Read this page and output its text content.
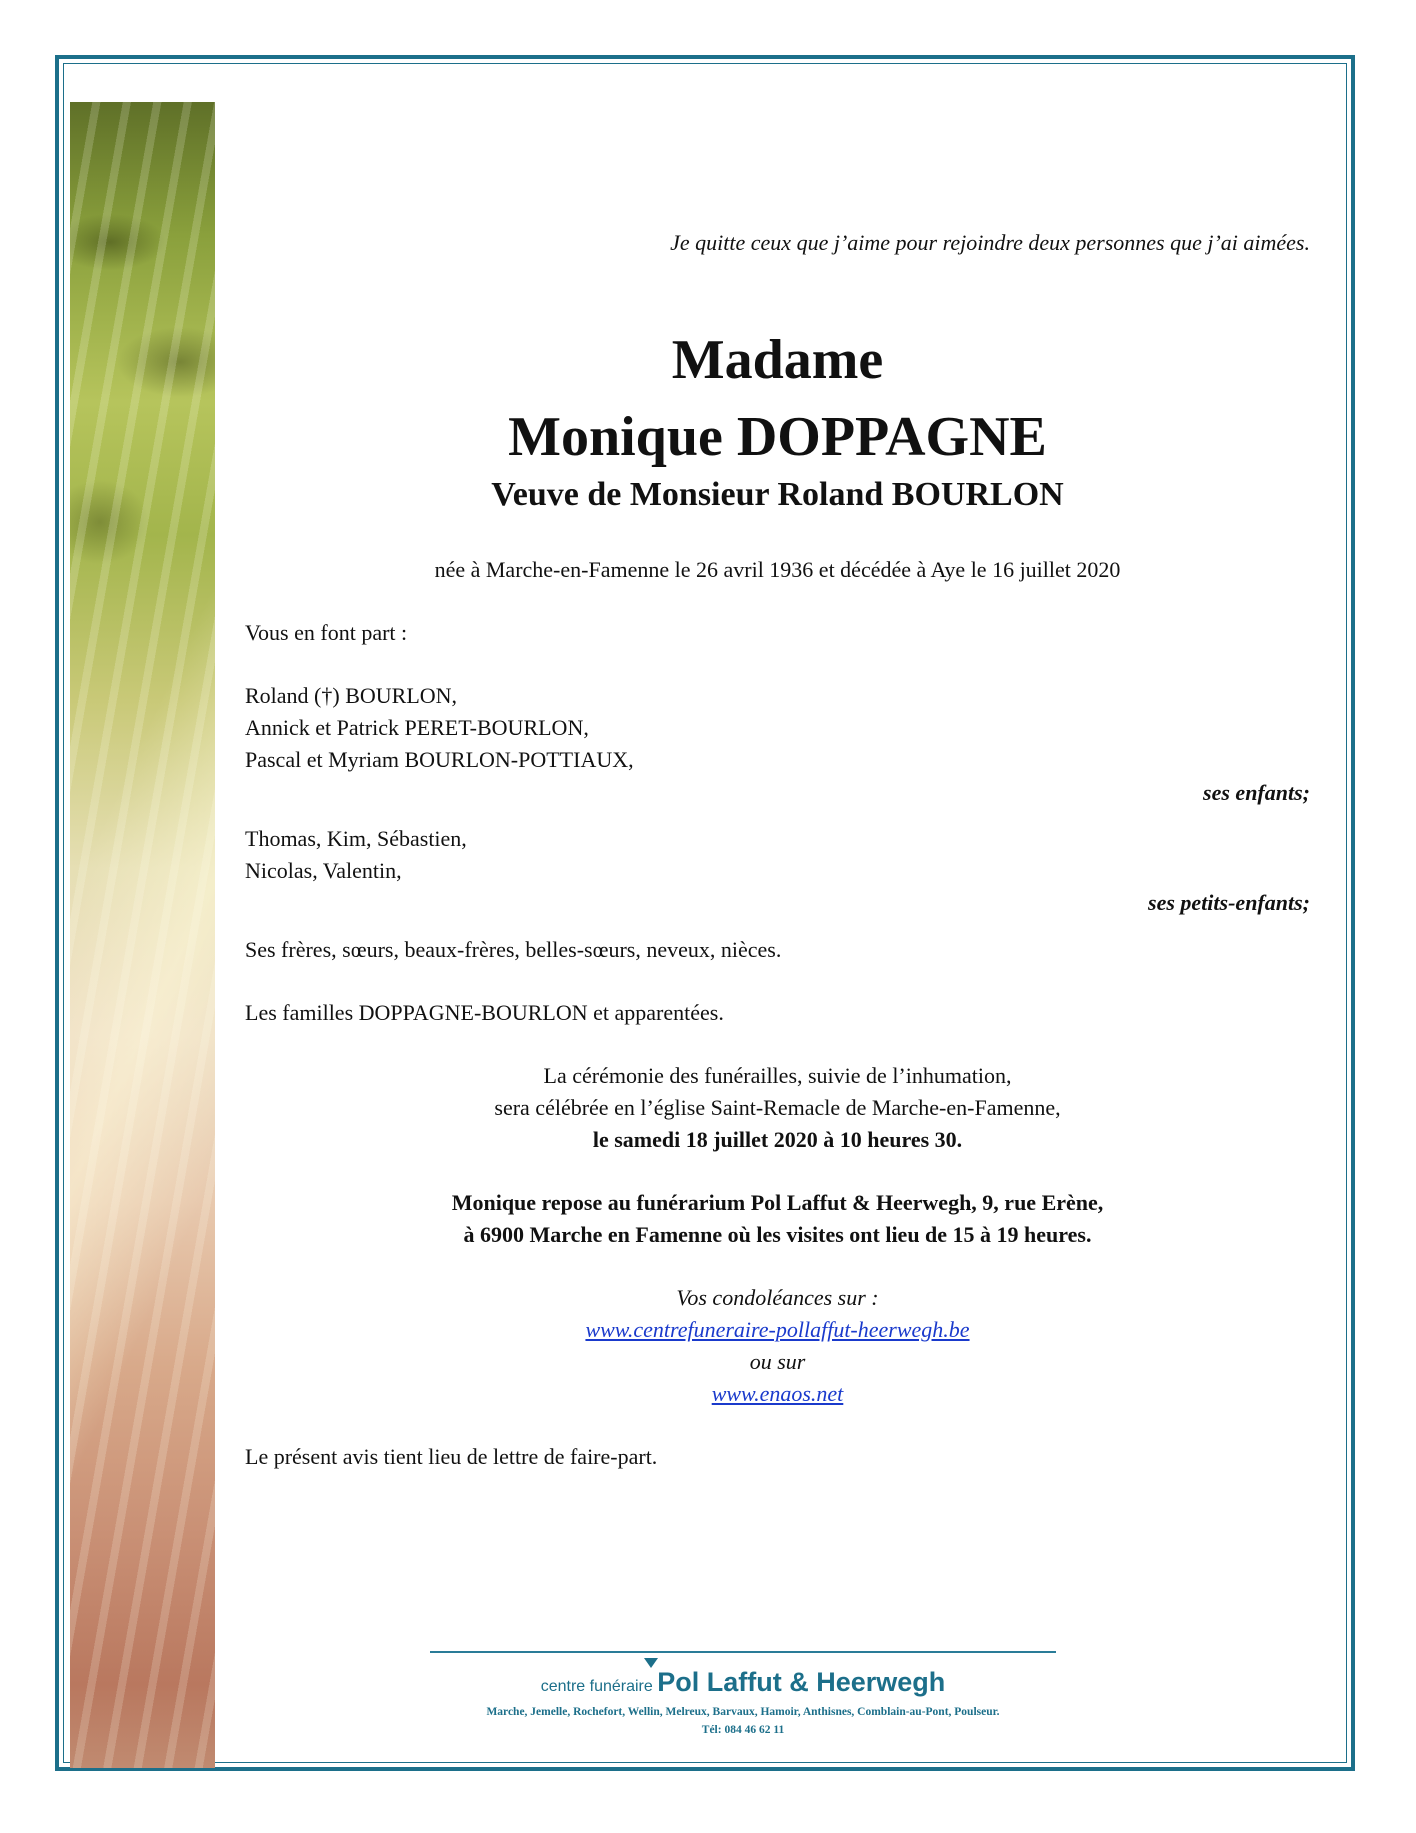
Je quitte ceux que j’aime pour rejoindre deux personnes que j’ai aimées.
Madame
Monique DOPPAGNE
Veuve de Monsieur Roland BOURLON
née à Marche-en-Famenne le 26 avril 1936 et décédée à Aye le 16 juillet 2020
Vous en font part :
Roland (†) BOURLON,
Annick et Patrick PERET-BOURLON,
Pascal et Myriam BOURLON-POTTIAUX,
ses enfants;
Thomas, Kim, Sébastien,
Nicolas, Valentin,
ses petits-enfants;
Ses frères, sœurs, beaux-frères, belles-sœurs, neveux, nièces.
Les familles DOPPAGNE-BOURLON et apparentées.
La cérémonie des funérailles, suivie de l’inhumation,
sera célébrée en l’église Saint-Remacle de Marche-en-Famenne,
le samedi 18 juillet 2020 à 10 heures 30.
Monique repose au funérarium Pol Laffut & Heerwegh, 9, rue Erène,
à 6900 Marche en Famenne où les visites ont lieu de 15 à 19 heures.
Vos condoléances sur :
www.centrefuneraire-pollaffut-heerwegh.be
ou sur
www.enaos.net
Le présent avis tient lieu de lettre de faire-part.
centre funéraire Pol Laffut & Heerwegh
Marche, Jemelle, Rochefort, Wellin, Melreux, Barvaux, Hamoir, Anthisnes, Comblain-au-Pont, Poulseur.
Tél: 084 46 62 11
